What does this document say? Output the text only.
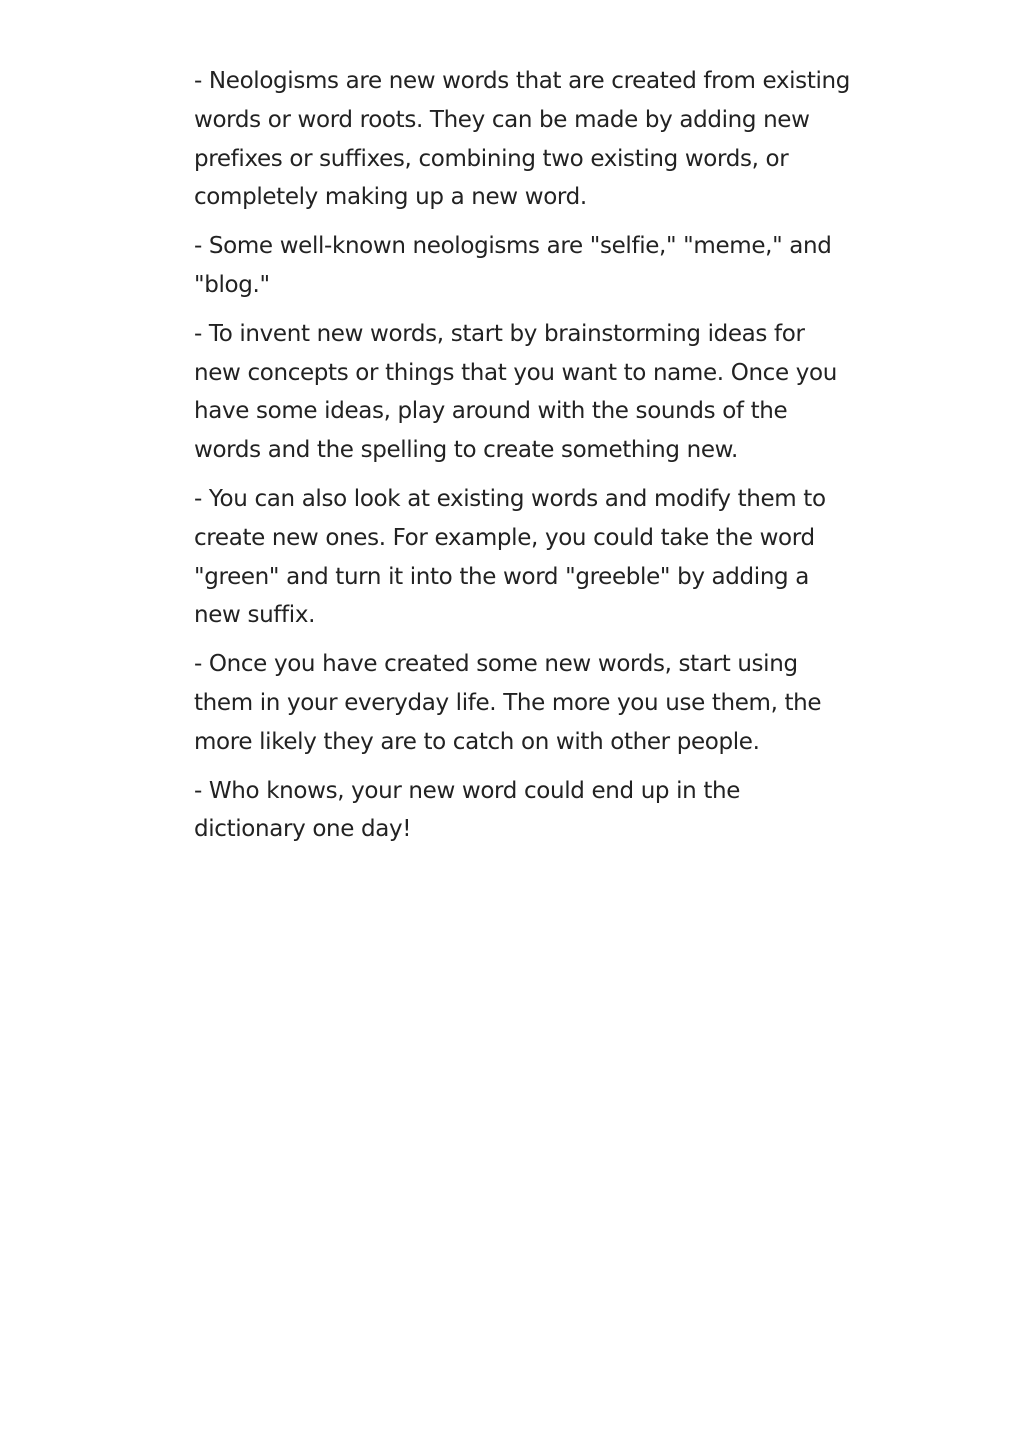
- Neologisms are new words that are created from existing words or word roots. They can be made by adding new prefixes or suffixes, combining two existing words, or completely making up a new word.

- Some well-known neologisms are "selfie," "meme," and "blog."

- To invent new words, start by brainstorming ideas for new concepts or things that you want to name. Once you have some ideas, play around with the sounds of the words and the spelling to create something new.

- You can also look at existing words and modify them to create new ones. For example, you could take the word "green" and turn it into the word "greeble" by adding a new suffix.

- Once you have created some new words, start using them in your everyday life. The more you use them, the more likely they are to catch on with other people.

- Who knows, your new word could end up in the dictionary one day!
